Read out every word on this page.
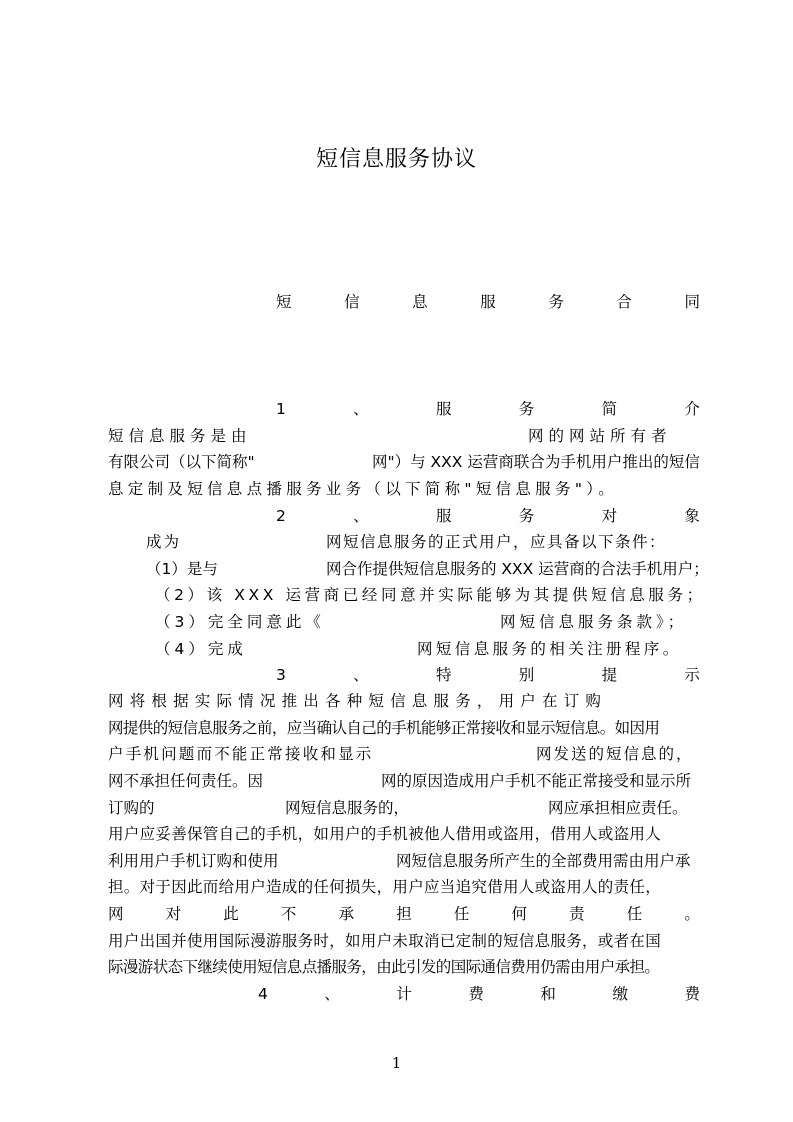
短信息服务协议
短	信	息	服	务	合	同
1	、	服	务	简	介
短信息服务是由	网的网站所有者
有限公司（以下简称"	网"）与 XXX 运营商联合为手机用户推出的短信
息定制及短信息点播服务业务（以下简称"短信息服务"）。
2	、	服	务	对	象
成为	网短信息服务的正式用户，应具备以下条件：
（1）是与	网合作提供短信息服务的 XXX 运营商的合法手机用户；
（2）该 XXX 运营商已经同意并实际能够为其提供短信息服务；
（3）完全同意此《	网短信息服务条款》；
（4）完成	网短信息服务的相关注册程序。
3	、	特	别	提	示
网将根据实际情况推出各种短信息服务，用户在订购
网提供的短信息服务之前，应当确认自己的手机能够正常接收和显示短信息。如因用
户手机问题而不能正常接收和显示	网发送的短信息的，
网不承担任何责任。因	网的原因造成用户手机不能正常接受和显示所
订购的	网短信息服务的，	网应承担相应责任。
用户应妥善保管自己的手机，如用户的手机被他人借用或盗用，借用人或盗用人
利用用户手机订购和使用	网短信息服务所产生的全部费用需由用户承
担。对于因此而给用户造成的任何损失，用户应当追究借用人或盗用人的责任，
网	对	此	不	承	担	任	何	责	任	。
用户出国并使用国际漫游服务时，如用户未取消已定制的短信息服务，或者在国
际漫游状态下继续使用短信息点播服务，由此引发的国际通信费用仍需由用户承担。
4	、	计	费	和	缴	费
1
